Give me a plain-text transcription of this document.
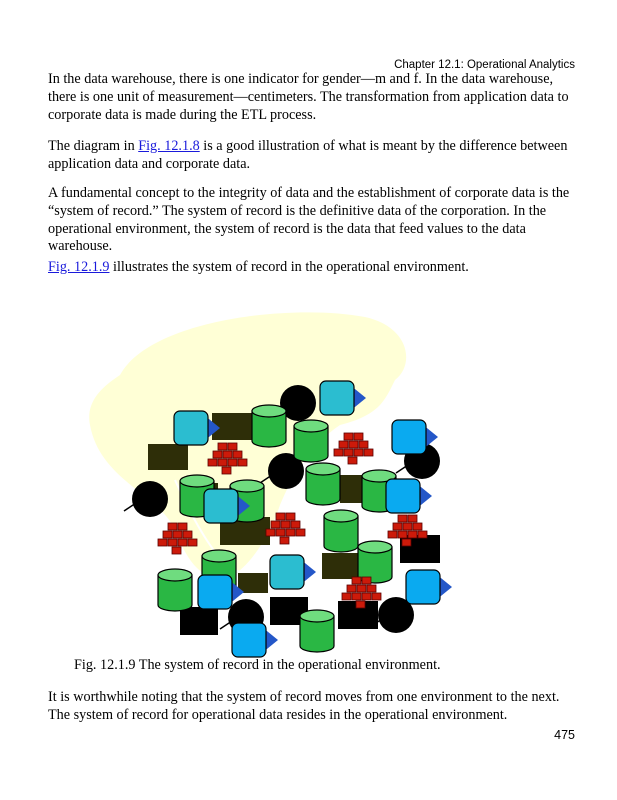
Chapter 12.1: Operational Analytics

In the data warehouse, there is one indicator for gender—m and f. In the data warehouse, there is one unit of measurement—centimeters. The transformation from application data to corporate data is made during the ETL process.

The diagram in Fig. 12.1.8 is a good illustration of what is meant by the difference between application data and corporate data.

A fundamental concept to the integrity of data and the establishment of corporate data is the “system of record.” The system of record is the definitive data of the corporation. In the operational environment, the system of record is the data that feed values to the data warehouse.

Fig. 12.1.9 illustrates the system of record in the operational environment.

Fig. 12.1.9 The system of record in the operational environment.

It is worthwhile noting that the system of record moves from one environment to the next. The system of record for operational data resides in the operational environment.

475
